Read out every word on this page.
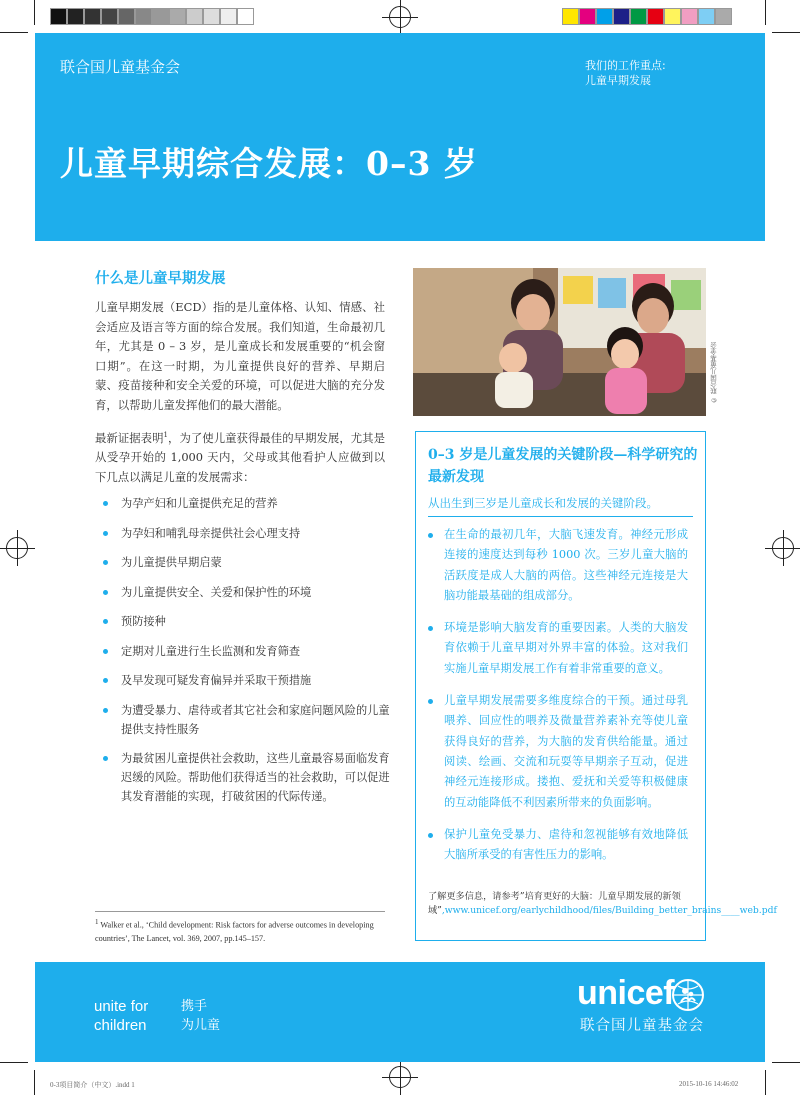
联合国儿童基金会	我们的工作重点:
儿童早期发展
儿童早期综合发展：0–3 岁
什么是儿童早期发展

儿童早期发展（ECD）指的是儿童体格、认知、情感、社会适应及语言等方面的综合发展。我们知道，生命最初几年，尤其是 0 – 3 岁，是儿童成长和发展重要的“机会窗口期”。在这一时期，为儿童提供良好的营养、早期启蒙、疫苗接种和安全关爱的环境，可以促进大脑的充分发育，以帮助儿童发挥他们的最大潜能。

最新证据表明$^1$，为了使儿童获得最佳的早期发展，尤其是从受孕开始的 1,000 天内，父母或其他看护人应做到以下几点以满足儿童的发展需求：

为孕产妇和儿童提供充足的营养
为孕妇和哺乳母亲提供社会心理支持
为儿童提供早期启蒙
为儿童提供安全、关爱和保护性的环境
预防接种
定期对儿童进行生长监测和发育筛查
及早发现可疑发育偏异并采取干预措施
为遭受暴力、虐待或者其它社会和家庭问题风险的儿童提供支持性服务
为最贫困儿童提供社会救助，这些儿童最容易面临发育迟缓的风险。帮助他们获得适当的社会救助，可以促进其发育潜能的实现，打破贫困的代际传递。
1 Walker et al., ‘Child development: Risk factors for adverse outcomes in developing countries’, The Lancet, vol. 369, 2007, pp.145–157.
© 联合国儿童基金会
0–3 岁是儿童发展的关键阶段—科学研究的最新发现
从出生到三岁是儿童成长和发展的关键阶段。
在生命的最初几年，大脑飞速发育。神经元形成连接的速度达到每秒 1000 次。三岁儿童大脑的活跃度是成人大脑的两倍。这些神经元连接是大脑功能最基础的组成部分。
环境是影响大脑发育的重要因素。人类的大脑发育依赖于儿童早期对外界丰富的体验。这对我们实施儿童早期发展工作有着非常重要的意义。
儿童早期发展需要多维度综合的干预。通过母乳喂养、回应性的喂养及微量营养素补充等使儿童获得良好的营养，为大脑的发育供给能量。通过阅读、绘画、交流和玩耍等早期亲子互动，促进神经元连接形成。搂抱、爱抚和关爱等积极健康的互动能降低不利因素所带来的负面影响。
保护儿童免受暴力、虐待和忽视能够有效地降低大脑所承受的有害性压力的影响。
了解更多信息，请参考”培育更好的大脑：儿童早期发展的新领域”,www.unicef.org/earlychildhood/files/Building_better_brains____web.pdf
unite for
children
携手
为儿童
unicef
联合国儿童基金会
0-3项目简介（中文）.indd 1	2015-10-16 14:46:02
